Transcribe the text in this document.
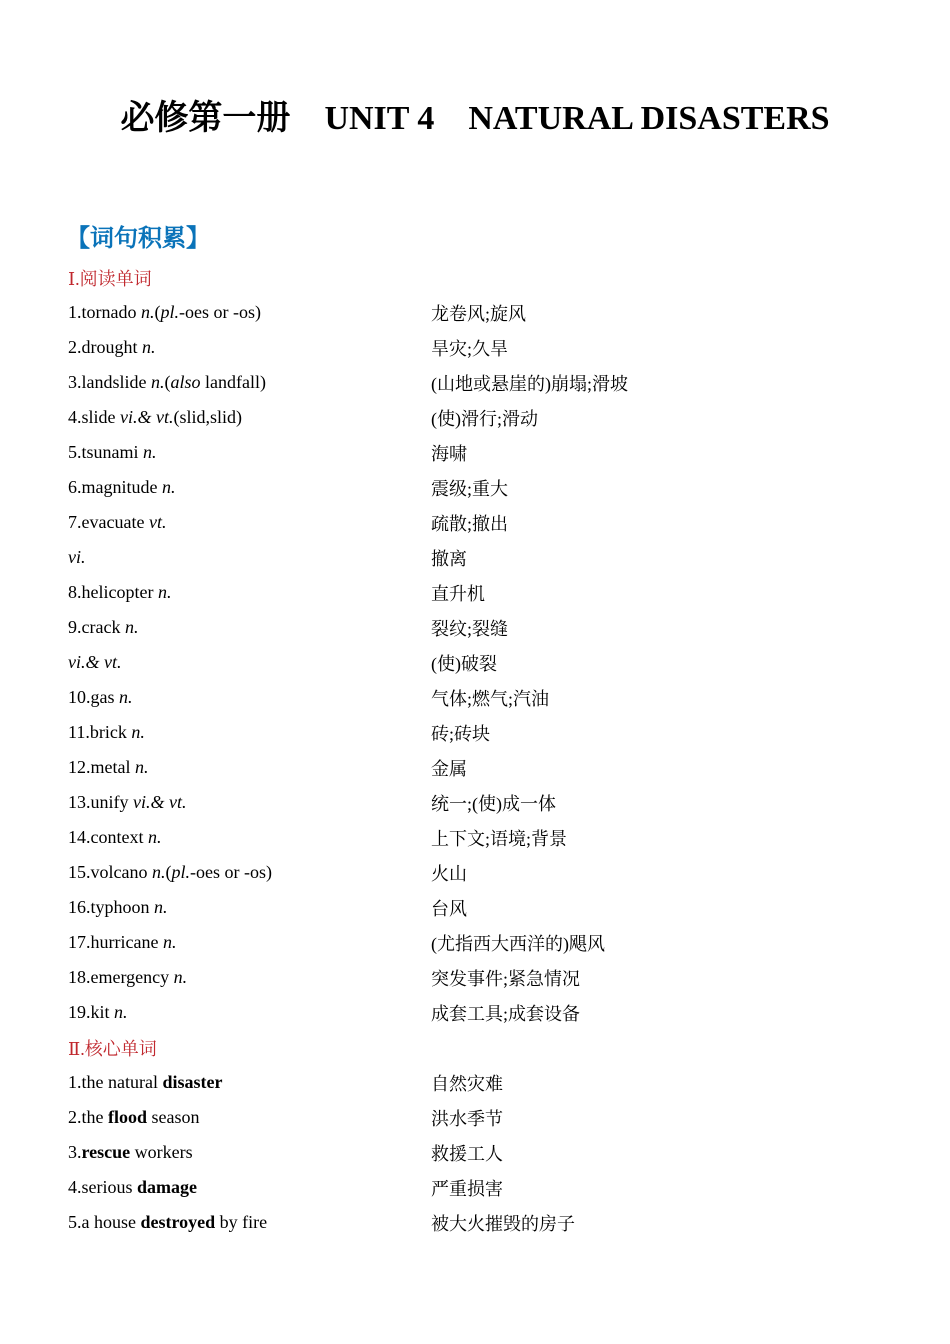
必修第一册 UNIT 4 NATURAL DISASTERS
【词句积累】
Ⅰ.阅读单词
1.tornado n.(pl.-oes or -os)	龙卷风;旋风
2.drought n.	旱灾;久旱
3.landslide n.(also landfall)	(山地或悬崖的)崩塌;滑坡
4.slide vi.& vt.(slid,slid)	(使)滑行;滑动
5.tsunami n.	海啸
6.magnitude n.	震级;重大
7.evacuate vt.	疏散;撤出
vi.	撤离
8.helicopter n.	直升机
9.crack n.	裂纹;裂缝
vi.& vt.	(使)破裂
10.gas n.	气体;燃气;汽油
11.brick n.	砖;砖块
12.metal n.	金属
13.unify vi.& vt.	统一;(使)成一体
14.context n.	上下文;语境;背景
15.volcano n.(pl.-oes or -os)	火山
16.typhoon n.	台风
17.hurricane n.	(尤指西大西洋的)飓风
18.emergency n.	突发事件;紧急情况
19.kit n.	成套工具;成套设备
Ⅱ.核心单词
1.the natural disaster	自然灾难
2.the flood season	洪水季节
3.rescue workers	救援工人
4.serious damage	严重损害
5.a house destroyed by fire	被大火摧毁的房子
